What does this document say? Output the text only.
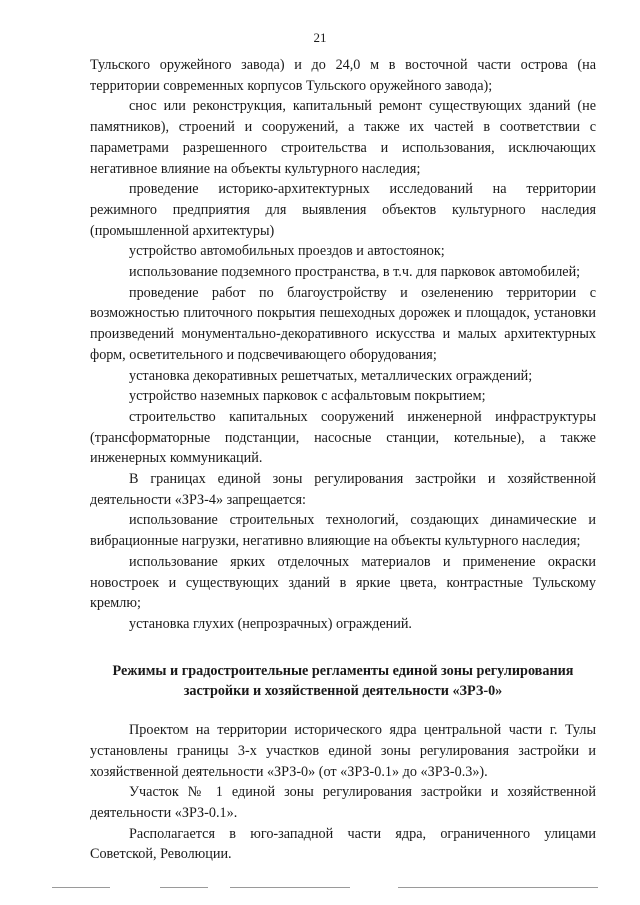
21

Тульского оружейного завода) и до 24,0 м в восточной части острова (на территории современных корпусов Тульского оружейного завода);

снос или реконструкция, капитальный ремонт существующих зданий (не памятников), строений и сооружений, а также их частей в соответствии с параметрами разрешенного строительства и использования, исключающих негативное влияние на объекты культурного наследия;

проведение историко-архитектурных исследований на территории режимного предприятия для выявления объектов культурного наследия (промышленной архитектуры)

устройство автомобильных проездов и автостоянок;

использование подземного пространства, в т.ч. для парковок автомобилей;

проведение работ по благоустройству и озеленению территории с возможностью плиточного покрытия пешеходных дорожек и площадок, установки произведений монументально-декоративного искусства и малых архитектурных форм, осветительного и подсвечивающего оборудования;

установка декоративных решетчатых, металлических ограждений;

устройство наземных парковок с асфальтовым покрытием;

строительство капитальных сооружений инженерной инфраструктуры (трансформаторные подстанции, насосные станции, котельные), а также инженерных коммуникаций.

В границах единой зоны регулирования застройки и хозяйственной деятельности «ЗРЗ-4» запрещается:

использование строительных технологий, создающих динамические и вибрационные нагрузки, негативно влияющие на объекты культурного наследия;

использование ярких отделочных материалов и применение окраски новостроек и существующих зданий в яркие цвета, контрастные Тульскому кремлю;

установка глухих (непрозрачных) ограждений.

Режимы и градостроительные регламенты единой зоны регулирования
застройки и хозяйственной деятельности «ЗРЗ-0»

Проектом на территории исторического ядра центральной части г. Тулы установлены границы 3-х участков единой зоны регулирования застройки и хозяйственной деятельности «ЗРЗ-0» (от «ЗРЗ-0.1» до «ЗРЗ-0.3»).

Участок № 1 единой зоны регулирования застройки и хозяйственной деятельности «ЗРЗ-0.1».

Располагается в юго-западной части ядра, ограниченного улицами Советской, Революции.
